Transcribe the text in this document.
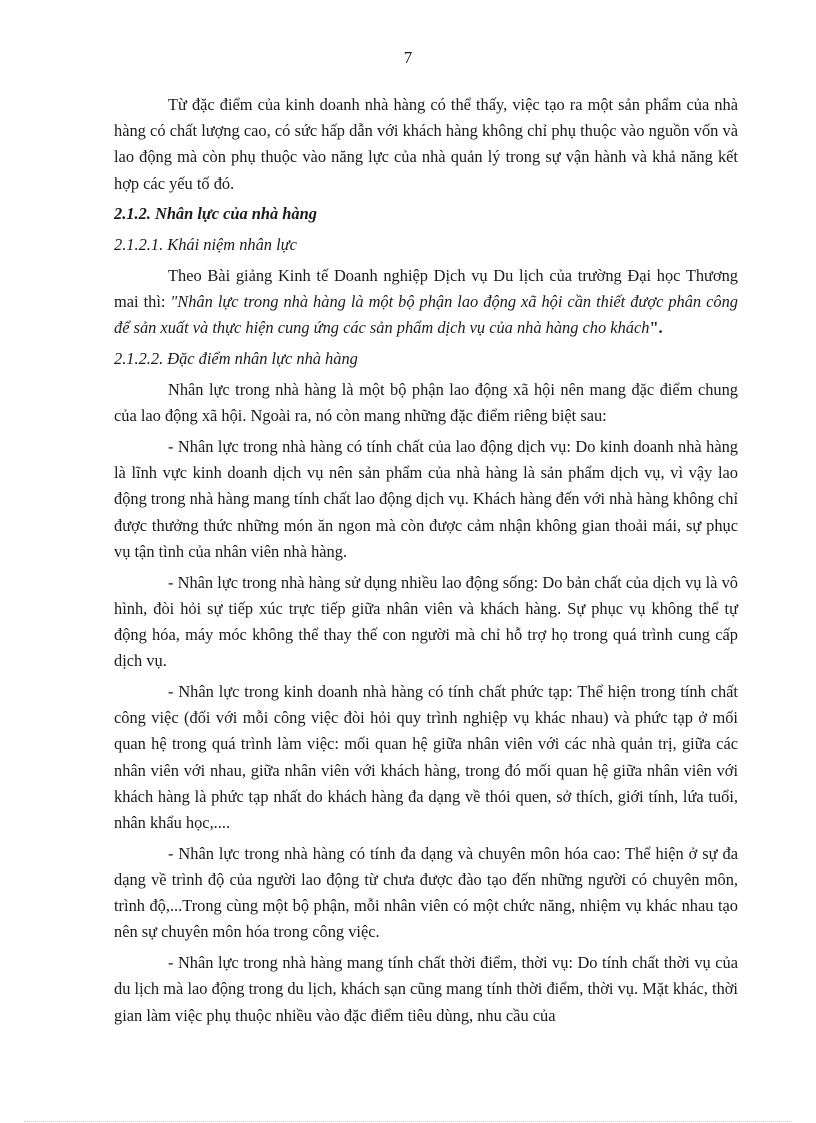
7

Từ đặc điểm của kinh doanh nhà hàng có thể thấy, việc tạo ra một sản phẩm của nhà hàng có chất lượng cao, có sức hấp dẫn với khách hàng không chỉ phụ thuộc vào nguồn vốn và lao động mà còn phụ thuộc vào năng lực của nhà quản lý trong sự vận hành và khả năng kết hợp các yếu tố đó.

2.1.2. Nhân lực của nhà hàng

2.1.2.1. Khái niệm nhân lực

Theo Bài giảng Kinh tế Doanh nghiệp Dịch vụ Du lịch của trường Đại học Thương mai thì: "Nhân lực trong nhà hàng là một bộ phận lao động xã hội cần thiết được phân công để sản xuất và thực hiện cung ứng các sản phẩm dịch vụ của nhà hàng cho khách".

2.1.2.2. Đặc điểm nhân lực nhà hàng

Nhân lực trong nhà hàng là một bộ phận lao động xã hội nên mang đặc điểm chung của lao động xã hội. Ngoài ra, nó còn mang những đặc điểm riêng biệt sau:

- Nhân lực trong nhà hàng có tính chất của lao động dịch vụ: Do kinh doanh nhà hàng là lĩnh vực kinh doanh dịch vụ nên sản phẩm của nhà hàng là sản phẩm dịch vụ, vì vậy lao động trong nhà hàng mang tính chất lao động dịch vụ. Khách hàng đến với nhà hàng không chỉ được thưởng thức những món ăn ngon mà còn được cảm nhận không gian thoải mái, sự phục vụ tận tình của nhân viên nhà hàng.

- Nhân lực trong nhà hàng sử dụng nhiều lao động sống: Do bản chất của dịch vụ là vô hình, đòi hỏi sự tiếp xúc trực tiếp giữa nhân viên và khách hàng. Sự phục vụ không thể tự động hóa, máy móc không thể thay thế con người mà chỉ hỗ trợ họ trong quá trình cung cấp dịch vụ.

- Nhân lực trong kinh doanh nhà hàng có tính chất phức tạp: Thể hiện trong tính chất công việc (đối với mỗi công việc đòi hỏi quy trình nghiệp vụ khác nhau) và phức tạp ở mối quan hệ trong quá trình làm việc: mối quan hệ giữa nhân viên với các nhà quản trị, giữa các nhân viên với nhau, giữa nhân viên với khách hàng, trong đó mối quan hệ giữa nhân viên với khách hàng là phức tạp nhất do khách hàng đa dạng về thói quen, sở thích, giới tính, lứa tuổi, nhân khẩu học,....

- Nhân lực trong nhà hàng có tính đa dạng và chuyên môn hóa cao: Thể hiện ở sự đa dạng về trình độ của người lao động từ chưa được đào tạo đến những người có chuyên môn, trình độ,...Trong cùng một bộ phận, mỗi nhân viên có một chức năng, nhiệm vụ khác nhau tạo nên sự chuyên môn hóa trong công việc.

- Nhân lực trong nhà hàng mang tính chất thời điểm, thời vụ: Do tính chất thời vụ của du lịch mà lao động trong du lịch, khách sạn cũng mang tính thời điểm, thời vụ. Mặt khác, thời gian làm việc phụ thuộc nhiều vào đặc điểm tiêu dùng, nhu cầu của
